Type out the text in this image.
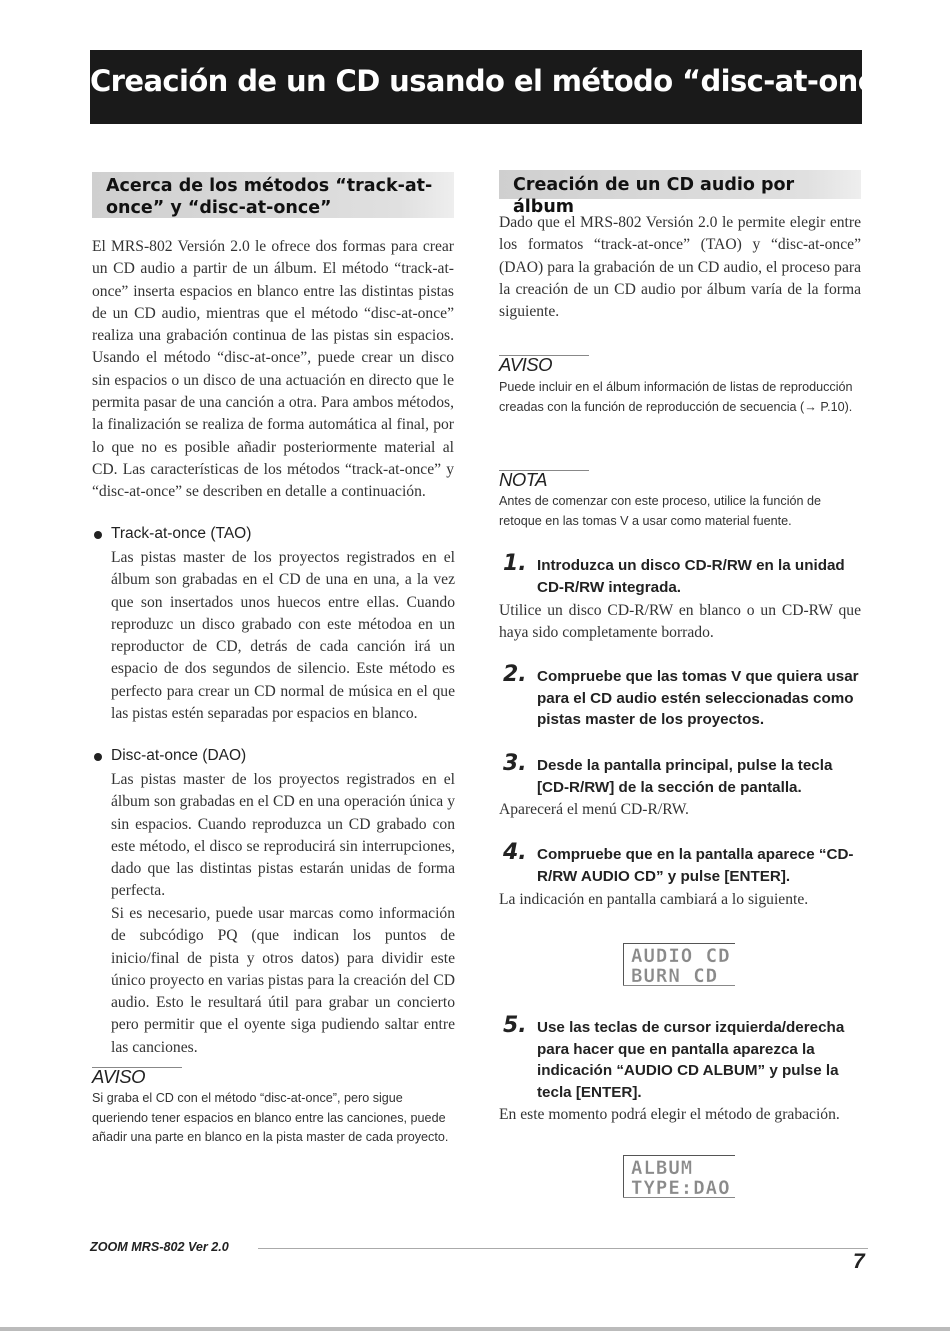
Creación de un CD usando el método “disc-at-once”
Acerca de los métodos “track-at-
once” y “disc-at-once”
El MRS-802 Versión 2.0 le ofrece dos formas para crear un CD audio a partir de un álbum. El método “track-at-once” inserta espacios en blanco entre las distintas pistas de un CD audio, mientras que el método “disc-at-once” realiza una grabación continua de las pistas sin espacios. Usando el método “disc-at-once”, puede crear un disco sin espacios o un disco de una actuación en directo que le permita pasar de una canción a otra. Para ambos métodos, la finalización se realiza de forma automática al final, por lo que no es posible añadir posteriormente material al CD. Las características de los métodos “track-at-once” y “disc-at-once” se describen en detalle a continuación.
Track-at-once (TAO)
Las pistas master de los proyectos registrados en el álbum son grabadas en el CD de una en una, a la vez que son insertados unos huecos entre ellas. Cuando reproduzc un disco grabado con este métodoa en un reproductor de CD, detrás de cada canción irá un espacio de dos segundos de silencio. Este método es perfecto para crear un CD normal de música en el que las pistas estén separadas por espacios en blanco.
Disc-at-once (DAO)
Las pistas master de los proyectos registrados en el álbum son grabadas en el CD en una operación única y sin espacios. Cuando reproduzca un CD grabado con este método, el disco se reproducirá sin interrupciones, dado que las distintas pistas estarán unidas de forma perfecta.
Si es necesario, puede usar marcas como información de subcódigo PQ (que indican los puntos de inicio/final de pista y otros datos) para dividir este único proyecto en varias pistas para la creación del CD audio. Esto le resultará útil para grabar un concierto pero permitir que el oyente siga pudiendo saltar entre las canciones.
AVISO
Si graba el CD con el método “disc-at-once”, pero sigue queriendo tener espacios en blanco entre las canciones, puede añadir una parte en blanco en la pista master de cada proyecto.
Creación de un CD audio por álbum
Dado que el MRS-802 Versión 2.0 le permite elegir entre los formatos “track-at-once” (TAO) y “disc-at-once” (DAO) para la grabación de un CD audio, el proceso para la creación de un CD audio por álbum varía de la forma siguiente.
AVISO
Puede incluir en el álbum información de listas de reproducción creadas con la función de reproducción de secuencia (→ P.10).
NOTA
Antes de comenzar con este proceso, utilice la función de retoque en las tomas V a usar como material fuente.
1. Introduzca un disco CD-R/RW en la unidad CD-R/RW integrada.
Utilice un disco CD-R/RW en blanco o un CD-RW que haya sido completamente borrado.
2. Compruebe que las tomas V que quiera usar para el CD audio estén seleccionadas como pistas master de los proyectos.
3. Desde la pantalla principal, pulse la tecla [CD-R/RW] de la sección de pantalla.
Aparecerá el menú CD-R/RW.
4. Compruebe que en la pantalla aparece “CD-R/RW AUDIO CD” y pulse [ENTER].
La indicación en pantalla cambiará a lo siguiente.
AUDIO CD
BURN CD
5. Use las teclas de cursor izquierda/derecha para hacer que en pantalla aparezca la indicación “AUDIO CD ALBUM” y pulse la tecla [ENTER].
En este momento podrá elegir el método de grabación.
ALBUM
TYPE:DAO
ZOOM MRS-802 Ver 2.0
7
